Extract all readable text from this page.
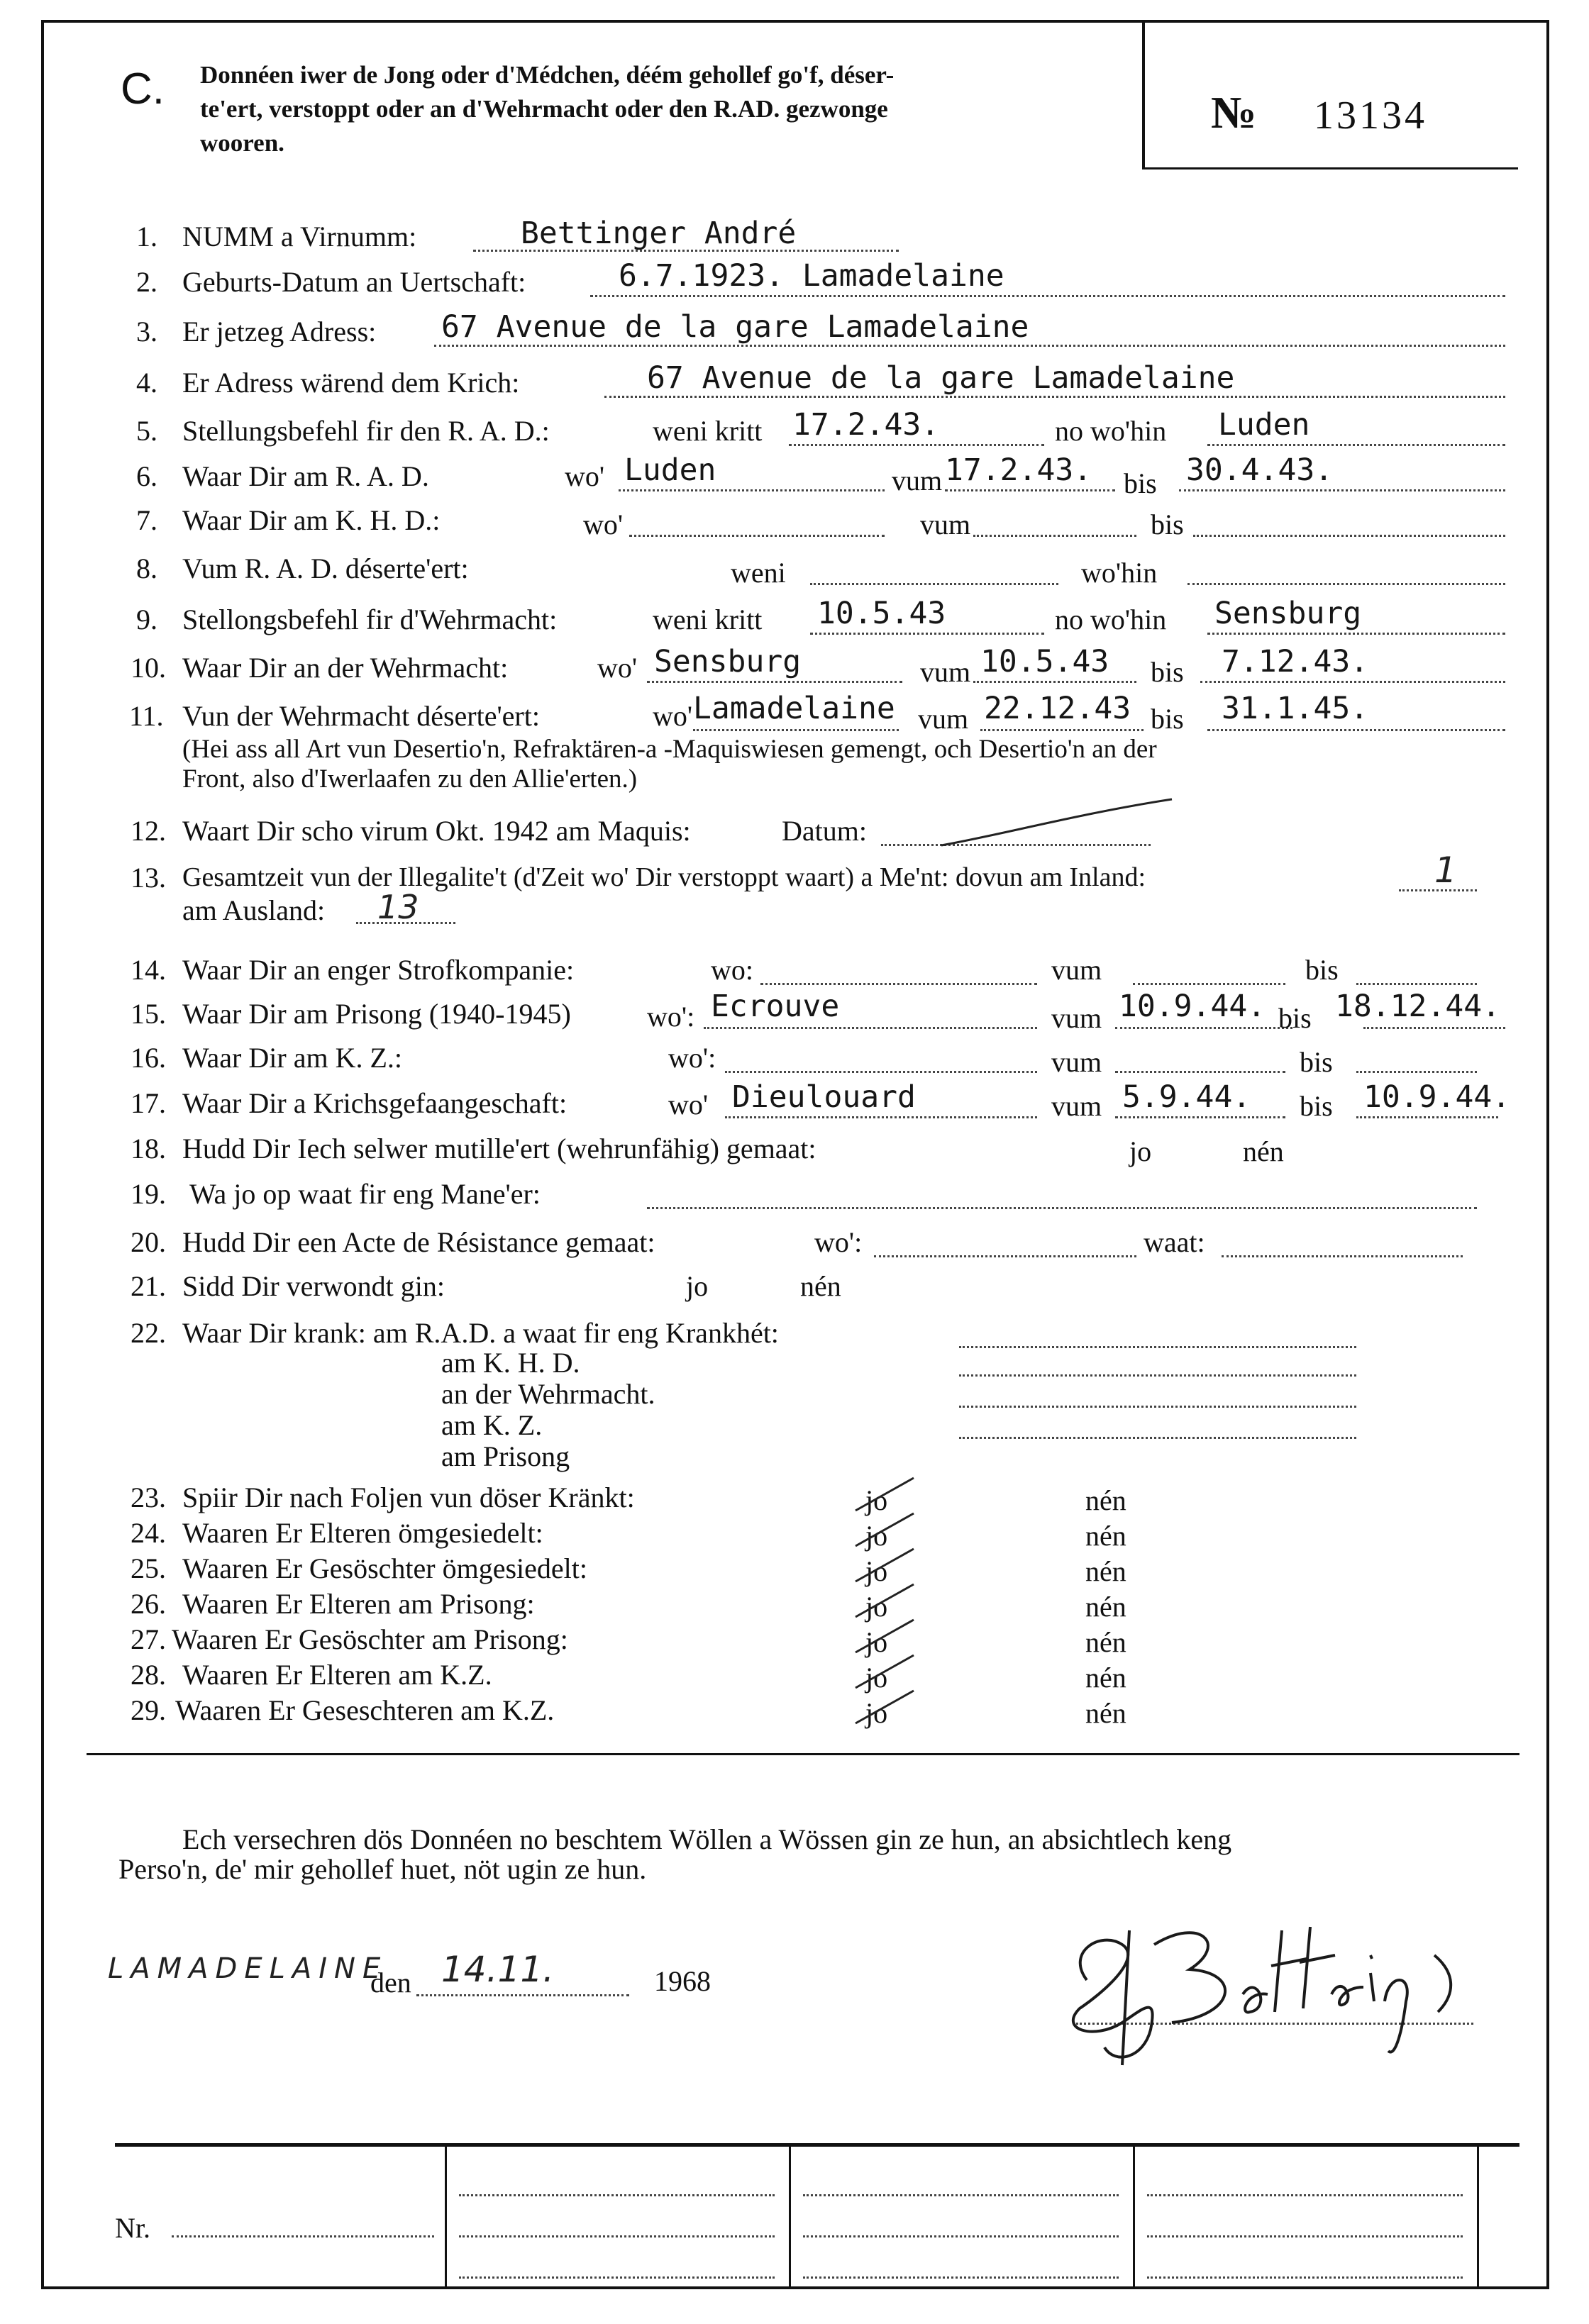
C. Donnéen iwer de Jong oder d'Médchen, déém gehollef go'f, déser-
te'ert, verstoppt oder an d'Wehrmacht oder den R.AD. gezwonge
wooren.
№ 13134
1. NUMM a Virnumm:	Bettinger André
2. Geburts-Datum an Uertschaft:	6.7.1923. Lamadelaine
3. Er jetzeg Adress: 67 Avenue de la gare Lamadelaine
4. Er Adress wärend dem Krich:	67 Avenue de la gare Lamadelaine
5. Stellungsbefehl fir den R. A. D.:	weni kritt 17.2.43.	no wo'hin Luden
6. Waar Dir am R. A. D.	wo' Luden	vum 17.2.43. bis 30.4.43.
7. Waar Dir am K. H. D.:	wo'	vum	bis
8. Vum R. A. D. déserte'ert:	weni	wo'hin
9. Stellongsbefehl fir d'Wehrmacht:	weni kritt 10.5.43	no wo'hin Sensburg
10. Waar Dir an der Wehrmacht:	wo' Sensburg	vum 10.5.43 bis 7.12.43.
11. Vun der Wehrmacht déserte'ert:	wo' Lamadelaine vum 22.12.43 bis 31.1.45.
(Hei ass all Art vun Desertio'n, Refraktären-a -Maquiswiesen gemengt, och Desertio'n an der
Front, also d'Iwerlaafen zu den Allie'erten.)
12. Waart Dir scho virum Okt. 1942 am Maquis:	Datum:
13. Gesamtzeit vun der Illegalite't (d'Zeit wo' Dir verstoppt waart) a Me'nt: dovun am Inland:	1
am Ausland: 13
14. Waar Dir an enger Strofkompanie:	wo:	vum	bis
15. Waar Dir am Prisong (1940-1945)	wo': Ecrouve	vum 10.9.44. bis 18.12.44.
16. Waar Dir am K. Z.:	wo':	vum	bis
17. Waar Dir a Krichsgefaangeschaft:	wo' Dieulouard	vum 5.9.44. bis 10.9.44.
18. Hudd Dir Iech selwer mutille'ert (wehrunfähig) gemaat:	jo	nén
19. Wa jo op waat fir eng Mane'er:
20. Hudd Dir een Acte de Résistance gemaat:	wo':	waat:
21. Sidd Dir verwondt gin:	jo	nén
22. Waar Dir krank: am R.A.D. a waat fir eng Krankhét:
am K. H. D.
an der Wehrmacht.
am K. Z.
am Prisong
23. Spiir Dir nach Foljen vun döser Kränkt:	jo	nén
24. Waaren Er Elteren ömgesiedelt:	jo	nén
25. Waaren Er Gesöschter ömgesiedelt:	jo	nén
26. Waaren Er Elteren am Prisong:	jo	nén
27. Waaren Er Gesöschter am Prisong:	jo	nén
28. Waaren Er Elteren am K.Z.	jo	nén
29. Waaren Er Geseschteren am K.Z.	jo	nén
Ech versechren dös Donnéen no beschtem Wöllen a Wössen gin ze hun, an absichtlech keng
Perso'n, de' mir gehollef huet, nöt ugin ze hun.
LAMADELAINE
den 14.11.	1968
Nr.
